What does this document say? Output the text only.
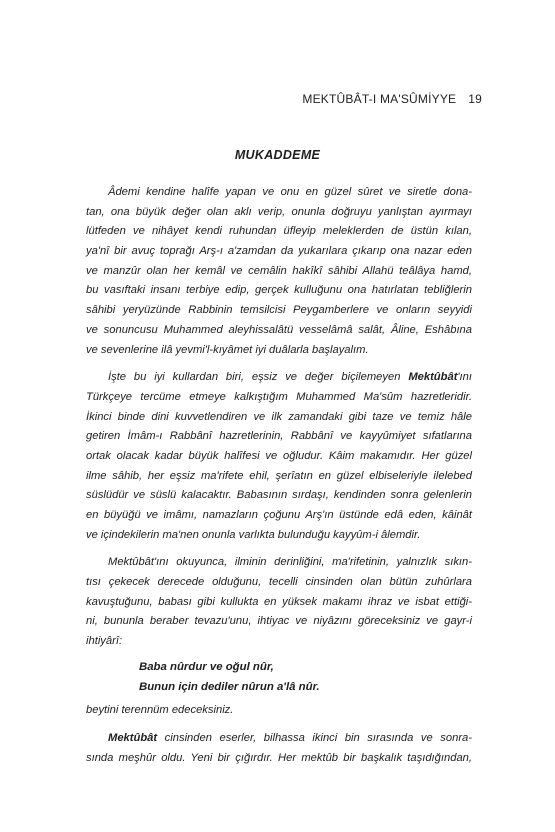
MEKTÛBÂT-I MA'SÛMİYYE 19
MUKADDEME
Âdemi kendine halîfe yapan ve onu en güzel sûret ve siretle dona-
tan, ona büyük değer olan aklı verip, onunla doğruyu yanlıştan ayırmayı
lütfeden ve nihâyet kendi ruhundan üfleyip meleklerden de üstün kılan,
ya'nî bir avuç toprağı Arş-ı a'zamdan da yukarılara çıkarıp ona nazar eden
ve manzûr olan her kemâl ve cemâlin hakîkî sâhibi Allahü teâlâya hamd,
bu vasıftaki insanı terbiye edip, gerçek kulluğunu ona hatırlatan tebliğlerin
sâhibi yeryüzünde Rabbinin temsilcisi Peygamberlere ve onların seyyidi
ve sonuncusu Muhammed aleyhissalâtü vesselâmâ salât, Âline, Eshâbına
ve sevenlerine ilâ yevmi'l-kıyâmet iyi duâlarla başlayalım.
İşte bu iyi kullardan biri, eşsiz ve değer biçilemeyen Mektûbât'ını
Türkçeye tercüme etmeye kalkıştığım Muhammed Ma'sûm hazretleridir.
İkinci binde dini kuvvetlendiren ve ilk zamandaki gibi taze ve temiz hâle
getiren İmâm-ı Rabbânî hazretlerinin, Rabbânî ve kayyûmiyet sıfatlarına
ortak olacak kadar büyük halîfesi ve oğludur. Kâim makamıdır. Her güzel
ilme sâhib, her eşsiz ma'rifete ehil, şerîatın en güzel elbiseleriyle ilelebed
süslüdür ve süslü kalacaktır. Babasının sırdaşı, kendinden sonra gelenlerin
en büyüğü ve imâmı, namazların çoğunu Arş'ın üstünde edâ eden, kâinât
ve içindekilerin ma'nen onunla varlıkta bulunduğu kayyûm-i âlemdir.
Mektûbât'ını okuyunca, ilminin derinliğini, ma'rifetinin, yalnızlık sıkın-
tısı çekecek derecede olduğunu, tecelli cinsinden olan bütün zuhûrlara
kavuştuğunu, babası gibi kullukta en yüksek makamı ihraz ve isbat ettiği-
ni, bununla beraber tevazu'unu, ihtiyac ve niyâzını göreceksiniz ve gayr-i
ihtiyârî:
Baba nûrdur ve oğul nûr,
Bunun için dediler nûrun a'lâ nûr.
beytini terennüm edeceksiniz.
Mektûbât cinsinden eserler, bilhassa ikinci bin sırasında ve sonra-
sında meşhûr oldu. Yeni bir çığırdır. Her mektûb bir başkalık taşıdığından,
